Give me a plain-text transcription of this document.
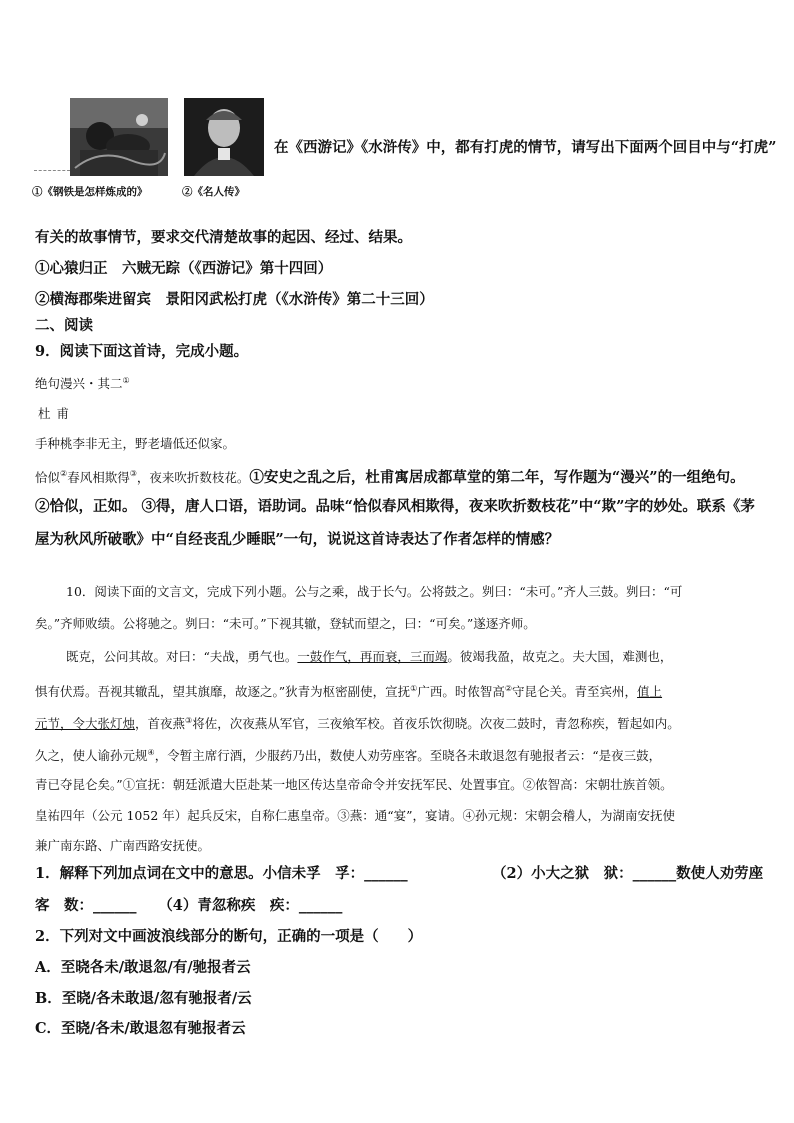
①《钢铁是怎样炼成的》	②《名人传》
在《西游记》《水浒传》中，都有打虎的情节，请写出下面两个回目中与“打虎”
有关的故事情节，要求交代清楚故事的起因、经过、结果。
①心猿归正　六贼无踪（《西游记》第十四回）
②横海郡柴进留宾　景阳冈武松打虎（《水浒传》第二十三回）
二、阅读
9．阅读下面这首诗，完成小题。
绝句漫兴・其二①
杜甫
手种桃李非无主，野老墙低还似家。
恰似②春风相欺得③，夜来吹折数枝花。①安史之乱之后，杜甫寓居成都草堂的第二年，写作题为“漫兴”的一组绝句。
②恰似，正如。 ③得，唐人口语，语助词。品味“恰似春风相欺得，夜来吹折数枝花”中“欺”字的妙处。联系《茅
屋为秋风所破歌》中“自经丧乱少睡眠”一句，说说这首诗表达了作者怎样的情感？
10．阅读下面的文言文，完成下列小题。公与之乘，战于长勺。公将鼓之。刿曰：“未可。”齐人三鼓。刿曰：“可
矣。”齐师败绩。公将驰之。刿曰：“未可。”下视其辙，登轼而望之，曰：“可矣。”遂逐齐师。
既克，公问其故。对曰：“夫战，勇气也。一鼓作气，再而衰，三而竭。彼竭我盈，故克之。夫大国，难测也，
惧有伏焉。吾视其辙乱，望其旗靡，故逐之。”狄青为枢密副使，宣抚①广西。时侬智高②守昆仑关。青至宾州，值上
元节，令大张灯烛，首夜燕③将佐，次夜燕从军官，三夜飨军校。首夜乐饮彻晓。次夜二鼓时，青忽称疾，暂起如内。
久之，使人谕孙元规④，令暂主席行酒，少服药乃出，数使人劝劳座客。至晓各未敢退忽有驰报者云：“是夜三鼓，
青已夺昆仑矣。”①宣抚：朝廷派遣大臣赴某一地区传达皇帝命令并安抚军民、处置事宜。②侬智高：宋朝壮族首领。
皇祐四年（公元 1052 年）起兵反宋，自称仁惠皇帝。③燕：通“宴”，宴请。④孙元规：宋朝会稽人，为湖南安抚使
兼广南东路、广南西路安抚使。
1．解释下列加点词在文中的意思。小信未孚　孚：______	（2）小大之狱　狱：______数使人劝劳座
客　数：______　　（4）青忽称疾　疾：______
2．下列对文中画波浪线部分的断句，正确的一项是（　　）
A．至晓各未/敢退忽/有/驰报者云
B．至晓/各未敢退/忽有驰报者/云
C．至晓/各未/敢退忽有驰报者云
